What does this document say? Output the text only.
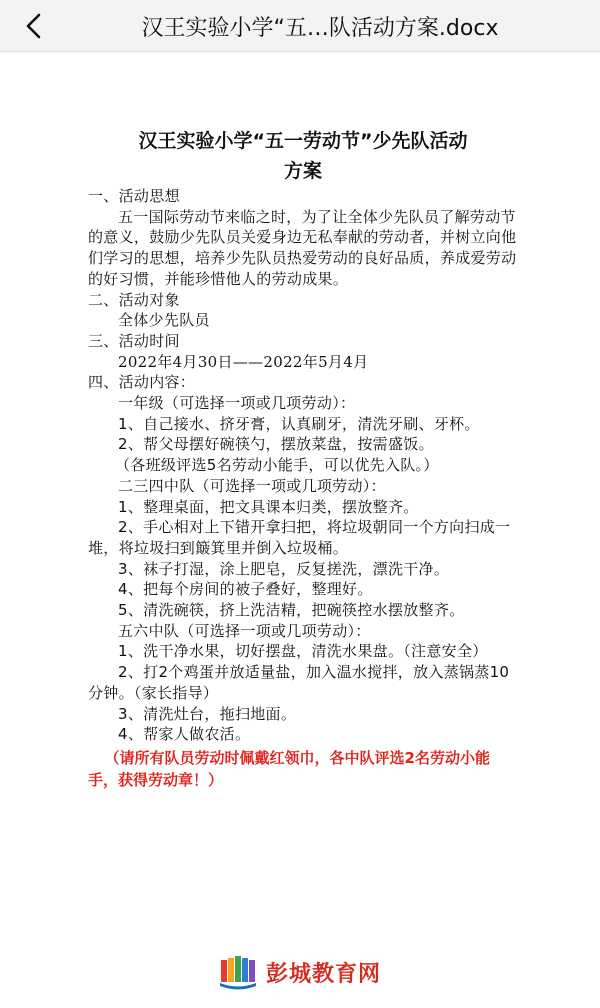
汉王实验小学“五…队活动方案.docx
汉王实验小学“五一劳动节”少先队活动
方案
一、活动思想
五一国际劳动节来临之时，为了让全体少先队员了解劳动节的意义，鼓励少先队员关爱身边无私奉献的劳动者，并树立向他们学习的思想，培养少先队员热爱劳动的良好品质，养成爱劳动的好习惯，并能珍惜他人的劳动成果。
二、活动对象
全体少先队员
三、活动时间
2022年4月30日——2022年5月4月
四、活动内容：
一年级（可选择一项或几项劳动）：
1、自己接水、挤牙膏，认真刷牙，清洗牙刷、牙杯。
2、帮父母摆好碗筷勺，摆放菜盘，按需盛饭。
（各班级评选5名劳动小能手，可以优先入队。）
二三四中队（可选择一项或几项劳动）：
1、整理桌面，把文具课本归类，摆放整齐。
2、手心相对上下错开拿扫把，将垃圾朝同一个方向扫成一堆，将垃圾扫到簸箕里并倒入垃圾桶。
3、袜子打湿，涂上肥皂，反复搓洗，漂洗干净。
4、把每个房间的被子叠好，整理好。
5、清洗碗筷，挤上洗洁精，把碗筷控水摆放整齐。
五六中队（可选择一项或几项劳动）：
1、洗干净水果，切好摆盘，清洗水果盘。（注意安全）
2、打2个鸡蛋并放适量盐，加入温水搅拌，放入蒸锅蒸10分钟。（家长指导）
3、清洗灶台，拖扫地面。
4、帮家人做农活。
（请所有队员劳动时佩戴红领巾，各中队评选2名劳动小能手，获得劳动章！）
彭城教育网
